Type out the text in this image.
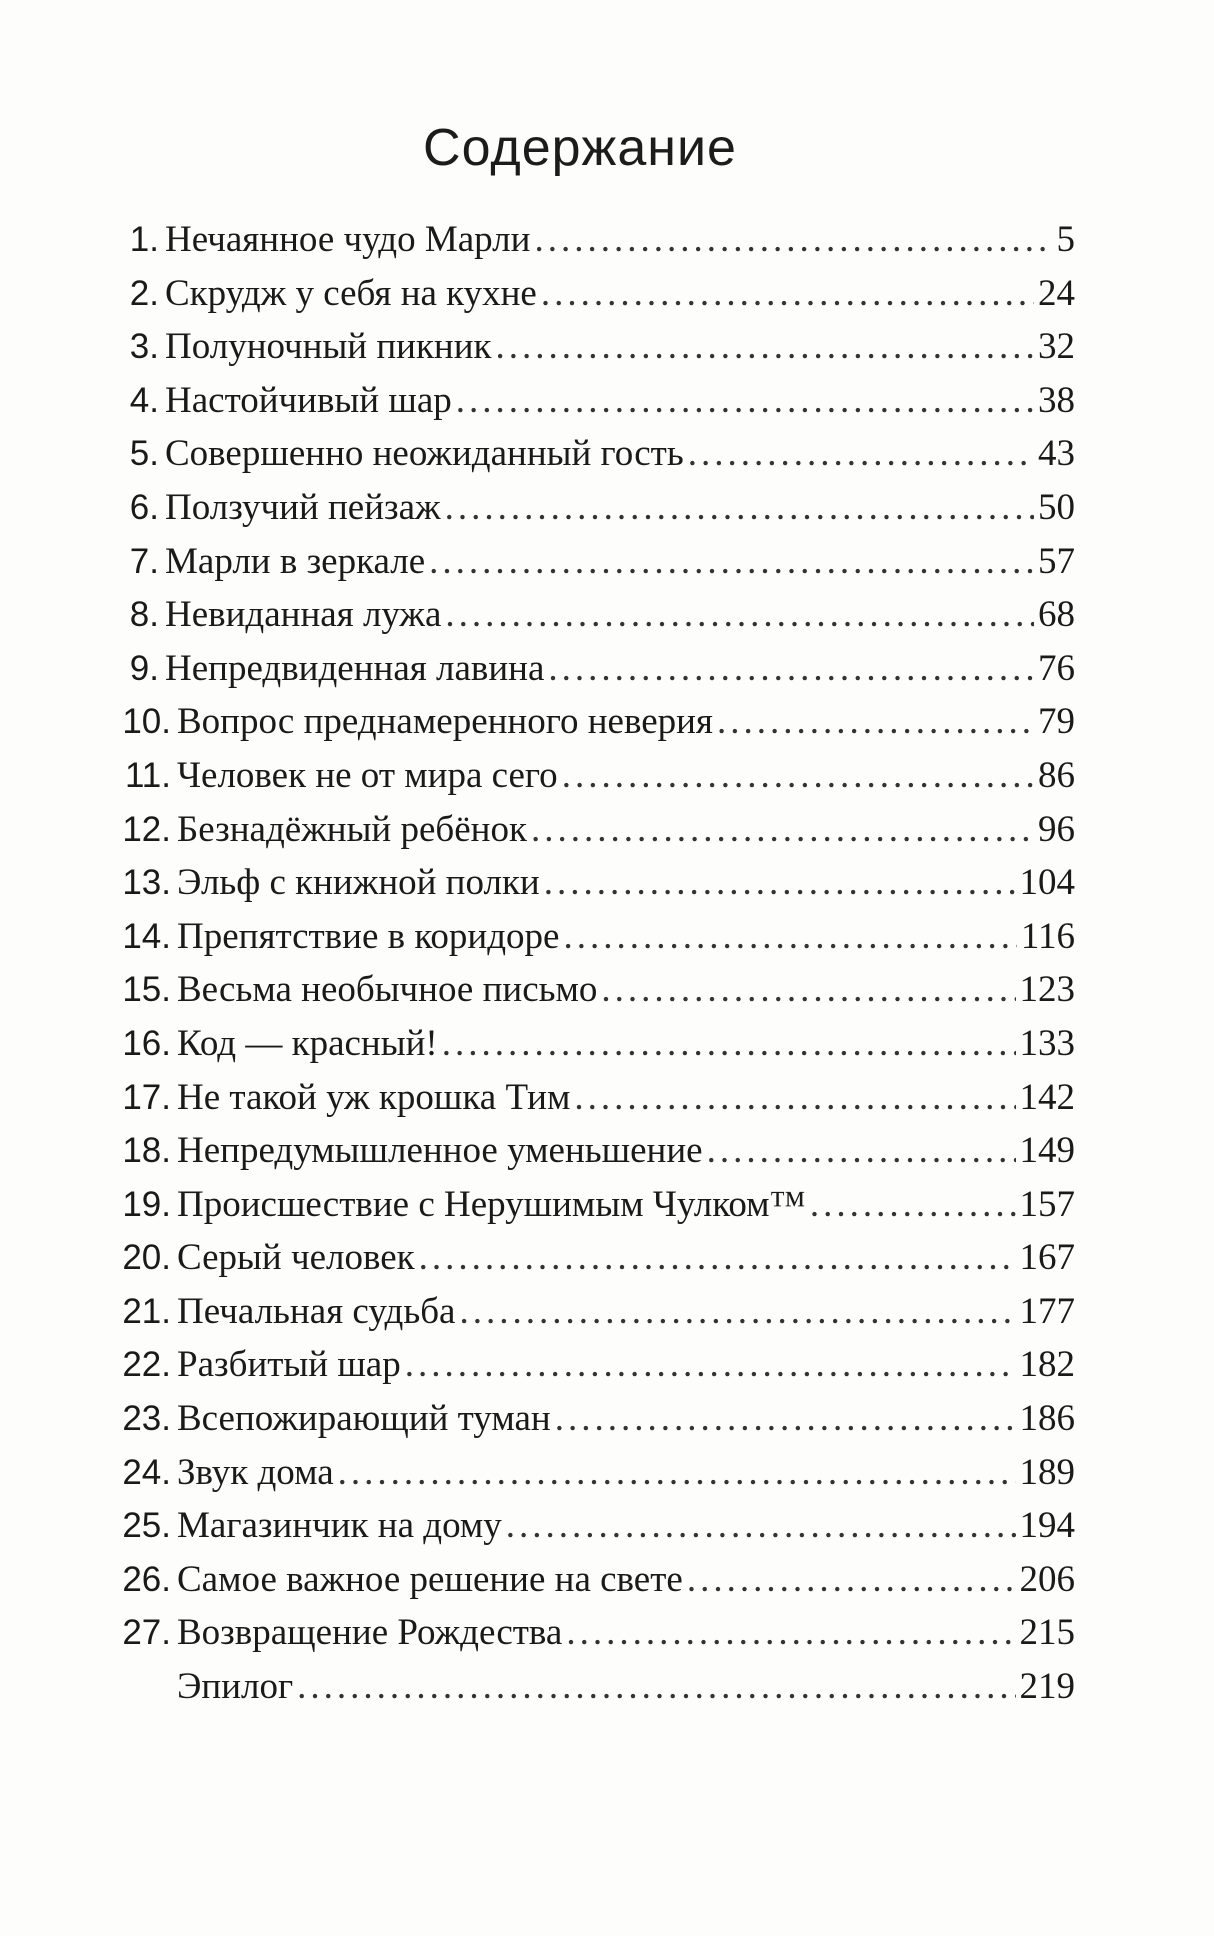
Содержание
1. Нечаянное чудо Марли .....	5
2. Скрудж у себя на кухне .....	24
3. Полуночный пикник .....	32
4. Настойчивый шар .....	38
5. Совершенно неожиданный гость .....	43
6. Ползучий пейзаж .....	50
7. Марли в зеркале .....	57
8. Невиданная лужа .....	68
9. Непредвиденная лавина .....	76
10. Вопрос преднамеренного неверия .....	79
11. Человек не от мира сего .....	86
12. Безнадёжный ребёнок .....	96
13. Эльф с книжной полки .....	104
14. Препятствие в коридоре .....	116
15. Весьма необычное письмо .....	123
16. Код — красный! .....	133
17. Не такой уж крошка Тим .....	142
18. Непредумышленное уменьшение .....	149
19. Происшествие с Нерушимым Чулком™ .....	157
20. Серый человек .....	167
21. Печальная судьба .....	177
22. Разбитый шар .....	182
23. Всепожирающий туман .....	186
24. Звук дома .....	189
25. Магазинчик на дому .....	194
26. Самое важное решение на свете .....	206
27. Возвращение Рождества .....	215
Эпилог .....	219
